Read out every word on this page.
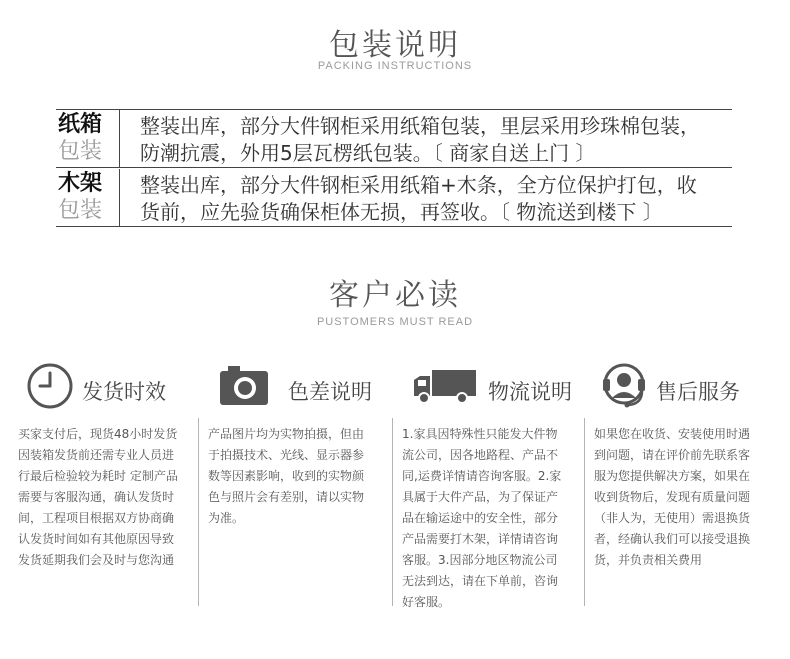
包装说明
PACKING INSTRUCTIONS
纸箱
包装
整装出库，部分大件钢柜采用纸箱包装，里层采用珍珠棉包装，
防潮抗震，外用5层瓦楞纸包装。〔 商家自送上门 〕
木架
包装
整装出库，部分大件钢柜采用纸箱+木条，全方位保护打包，收
货前，应先验货确保柜体无损，再签收。〔 物流送到楼下 〕
客户必读
PUSTOMERS MUST READ
发货时效
买家支付后，现货48小时发货
因装箱发货前还需专业人员进
行最后检验较为耗时 定制产品
需要与客服沟通，确认发货时
间，工程项目根据双方协商确
认发货时间如有其他原因导致
发货延期我们会及时与您沟通
色差说明
产品图片均为实物拍摄，但由
于拍摄技术、光线、显示器参
数等因素影响，收到的实物颜
色与照片会有差别，请以实物
为准。
物流说明
1.家具因特殊性只能发大件物
流公司，因各地路程、产品不
同,运费详情请咨询客服。2.家
具属于大件产品，为了保证产
品在输运途中的安全性，部分
产品需要打木架，详情请咨询
客服。3.因部分地区物流公司
无法到达，请在下单前，咨询
好客服。
售后服务
如果您在收货、安装使用时遇
到问题，请在评价前先联系客
服为您提供解决方案，如果在
收到货物后，发现有质量问题
（非人为，无使用）需退换货
者，经确认我们可以接受退换
货，并负责相关费用
